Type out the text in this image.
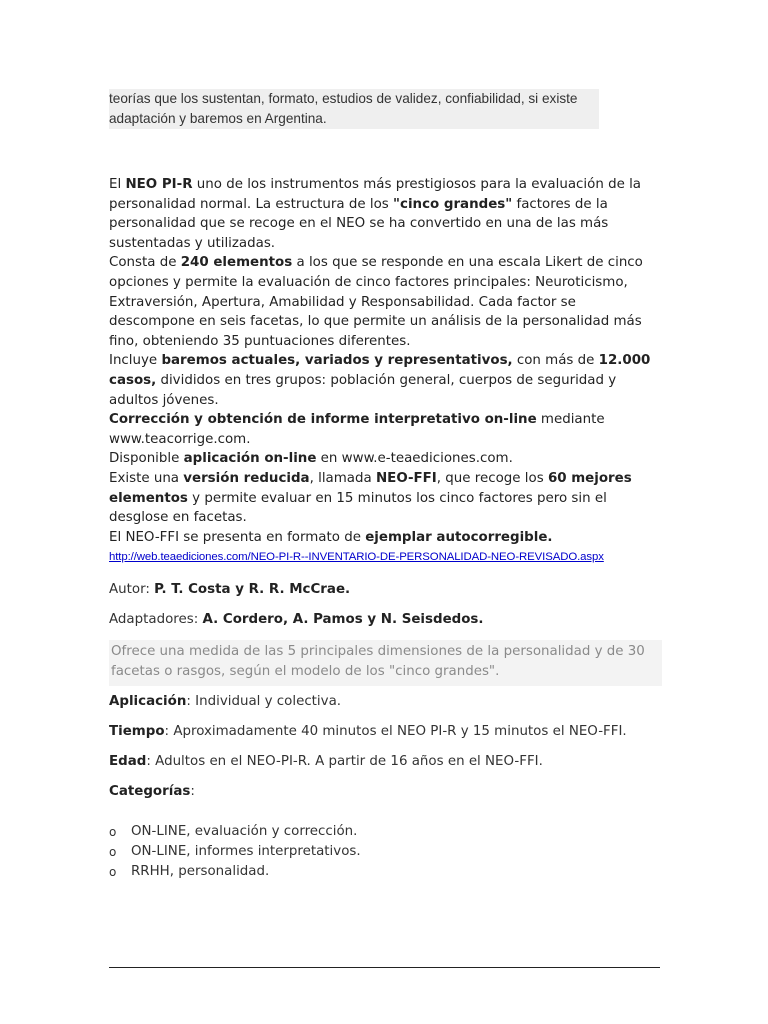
teorías que los sustentan, formato, estudios de validez, confiabilidad, si existe adaptación y baremos en Argentina.

El NEO PI-R uno de los instrumentos más prestigiosos para la evaluación de la personalidad normal. La estructura de los "cinco grandes" factores de la personalidad que se recoge en el NEO se ha convertido en una de las más sustentadas y utilizadas.

Consta de 240 elementos a los que se responde en una escala Likert de cinco opciones y permite la evaluación de cinco factores principales: Neuroticismo, Extraversión, Apertura, Amabilidad y Responsabilidad. Cada factor se descompone en seis facetas, lo que permite un análisis de la personalidad más fino, obteniendo 35 puntuaciones diferentes.

Incluye baremos actuales, variados y representativos, con más de 12.000 casos, divididos en tres grupos: población general, cuerpos de seguridad y adultos jóvenes.

Corrección y obtención de informe interpretativo on-line mediante www.teacorrige.com.

Disponible aplicación on-line en www.e-teaediciones.com.

Existe una versión reducida, llamada NEO-FFI, que recoge los 60 mejores elementos y permite evaluar en 15 minutos los cinco factores pero sin el desglose en facetas.

El NEO-FFI se presenta en formato de ejemplar autocorregible.

http://web.teaediciones.com/NEO-PI-R--INVENTARIO-DE-PERSONALIDAD-NEO-REVISADO.aspx

Autor: P. T. Costa y R. R. McCrae.

Adaptadores: A. Cordero, A. Pamos y N. Seisdedos.

Ofrece una medida de las 5 principales dimensiones de la personalidad y de 30 facetas o rasgos, según el modelo de los "cinco grandes".

Aplicación: Individual y colectiva.

Tiempo: Aproximadamente 40 minutos el NEO PI-R y 15 minutos el NEO-FFI.

Edad: Adultos en el NEO-PI-R. A partir de 16 años en el NEO-FFI.

Categorías:

o ON-LINE, evaluación y corrección.
o ON-LINE, informes interpretativos.
o RRHH, personalidad.
